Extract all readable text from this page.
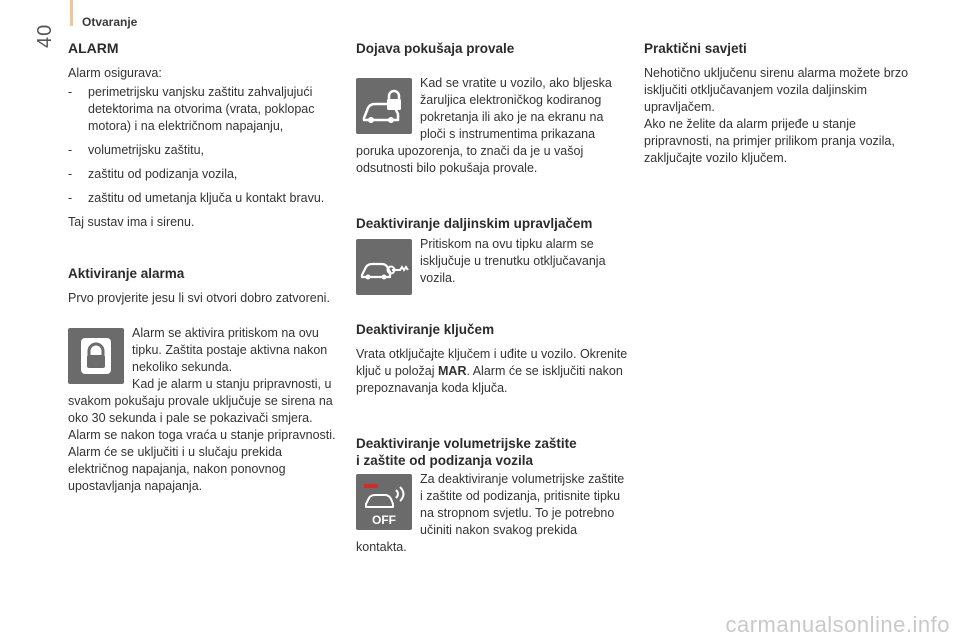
Otvaranje
40 ALARM

Alarm osigurava:

- perimetrijsku vanjsku zaštitu zahvaljujući detektorima na otvorima (vrata, poklopac motora) i na električnom napajanju,
- volumetrijsku zaštitu,
- zaštitu od podizanja vozila,
- zaštitu od umetanja ključa u kontakt bravu.

Taj sustav ima i sirenu.

Aktiviranje alarma

Prvo provjerite jesu li svi otvori dobro zatvoreni.

Alarm se aktivira pritiskom na ovu tipku. Zaštita postaje aktivna nakon nekoliko sekunda.

Kad je alarm u stanju pripravnosti, u svakom pokušaju provale uključuje se sirena na oko 30 sekunda i pale se pokazivači smjera.

Alarm se nakon toga vraća u stanje pripravnosti.

Alarm će se uključiti i u slučaju prekida električnog napajanja, nakon ponovnog upostavljanja napajanja.

Dojava pokušaja provale

Kad se vratite u vozilo, ako bljeska žaruljica elektroničkog kodiranog pokretanja ili ako je na ekranu na ploči s instrumentima prikazana poruka upozorenja, to znači da je u vašoj odsutnosti bilo pokušaja provale.

Deaktiviranje daljinskim upravljačem

Pritiskom na ovu tipku alarm se isključuje u trenutku otključavanja vozila.

Deaktiviranje ključem

Vrata otključajte ključem i uđite u vozilo. Okrenite ključ u položaj MAR. Alarm će se isključiti nakon prepoznavanja koda ključa.

Deaktiviranje volumetrijske zaštite
i zaštite od podizanja vozila
OFF

Za deaktiviranje volumetrijske zaštite i zaštite od podizanja, pritisnite tipku na stropnom svjetlu. To je potrebno učiniti nakon svakog prekida kontakta.

Praktični savjeti

Nehotično uključenu sirenu alarma možete brzo isključiti otključavanjem vozila daljinskim upravljačem.

Ako ne želite da alarm prijeđe u stanje pripravnosti, na primjer prilikom pranja vozila, zaključajte vozilo ključem.

carmanualsonline.info
